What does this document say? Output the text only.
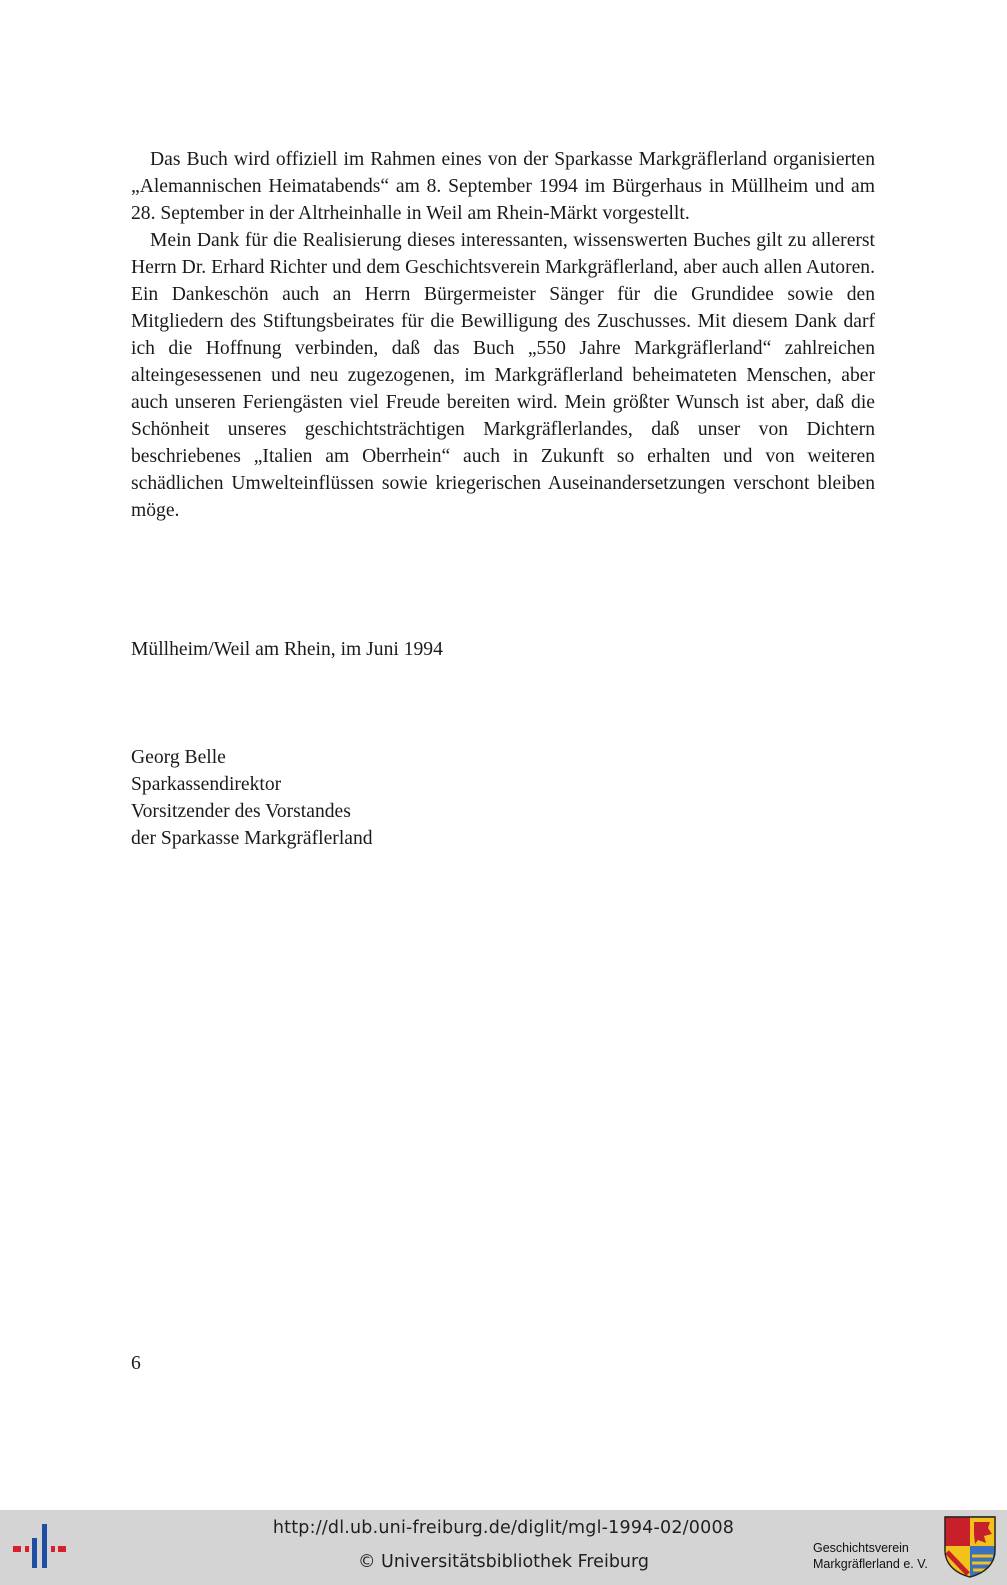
Das Buch wird offiziell im Rahmen eines von der Sparkasse Markgräflerland organisierten „Alemannischen Heimatabends“ am 8. September 1994 im Bürgerhaus in Müllheim und am 28. September in der Altrheinhalle in Weil am Rhein-Märkt vorgestellt.

Mein Dank für die Realisierung dieses interessanten, wissenswerten Buches gilt zu allererst Herrn Dr. Erhard Richter und dem Geschichtsverein Markgräflerland, aber auch allen Autoren. Ein Dankeschön auch an Herrn Bürgermeister Sänger für die Grundidee sowie den Mitgliedern des Stiftungsbeirates für die Bewilligung des Zuschusses. Mit diesem Dank darf ich die Hoffnung verbinden, daß das Buch „550 Jahre Markgräflerland“ zahlreichen alteingesessenen und neu zugezogenen, im Markgräflerland beheimateten Menschen, aber auch unseren Feriengästen viel Freude bereiten wird. Mein größter Wunsch ist aber, daß die Schönheit unseres geschichtsträchtigen Markgräflerlandes, daß unser von Dichtern beschriebenes „Italien am Oberrhein“ auch in Zukunft so erhalten und von weiteren schädlichen Umwelteinflüssen sowie kriegerischen Auseinandersetzungen verschont bleiben möge.

Müllheim/Weil am Rhein, im Juni 1994
Georg Belle
Sparkassendirektor
Vorsitzender des Vorstandes
der Sparkasse Markgräflerland
6
http://dl.ub.uni-freiburg.de/diglit/mgl-1994-02/0008
© Universitätsbibliothek Freiburg
Geschichtsverein
Markgräflerland e. V.
